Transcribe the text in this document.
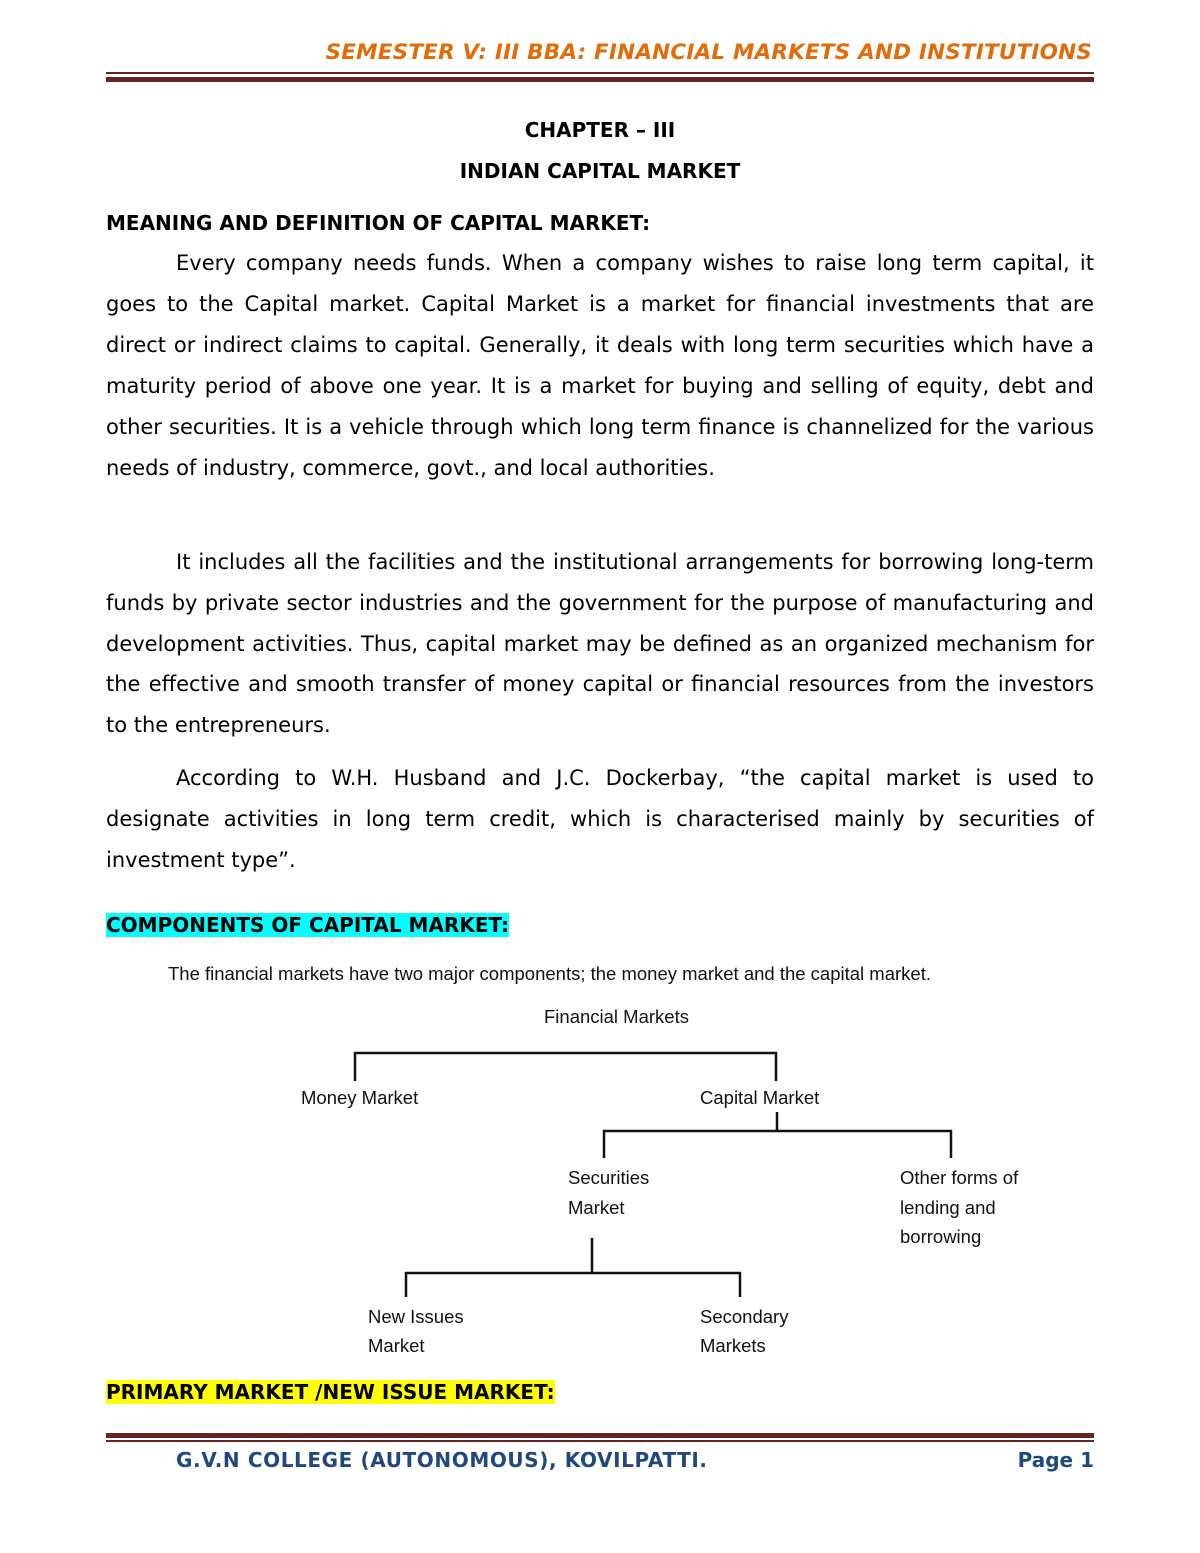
SEMESTER V: III BBA: FINANCIAL MARKETS AND INSTITUTIONS
CHAPTER – III
INDIAN CAPITAL MARKET
MEANING AND DEFINITION OF CAPITAL MARKET:

Every company needs funds. When a company wishes to raise long term capital, it goes to the Capital market. Capital Market is a market for financial investments that are direct or indirect claims to capital. Generally, it deals with long term securities which have a maturity period of above one year. It is a market for buying and selling of equity, debt and other securities. It is a vehicle through which long term finance is channelized for the various needs of industry, commerce, govt., and local authorities.

It includes all the facilities and the institutional arrangements for borrowing long-term funds by private sector industries and the government for the purpose of manufacturing and development activities. Thus, capital market may be defined as an organized mechanism for the effective and smooth transfer of money capital or financial resources from the investors to the entrepreneurs.

According to W.H. Husband and J.C. Dockerbay, “the capital market is used to designate activities in long term credit, which is characterised mainly by securities of investment type”.

COMPONENTS OF CAPITAL MARKET:
The financial markets have two major components; the money market and the capital market.
Financial Markets
Money Market	Capital Market
Securities
Market
Other forms of
lending and
borrowing
New Issues
Market
Secondary
Markets
PRIMARY MARKET /NEW ISSUE MARKET:
G.V.N COLLEGE (AUTONOMOUS), KOVILPATTI.	Page 1
